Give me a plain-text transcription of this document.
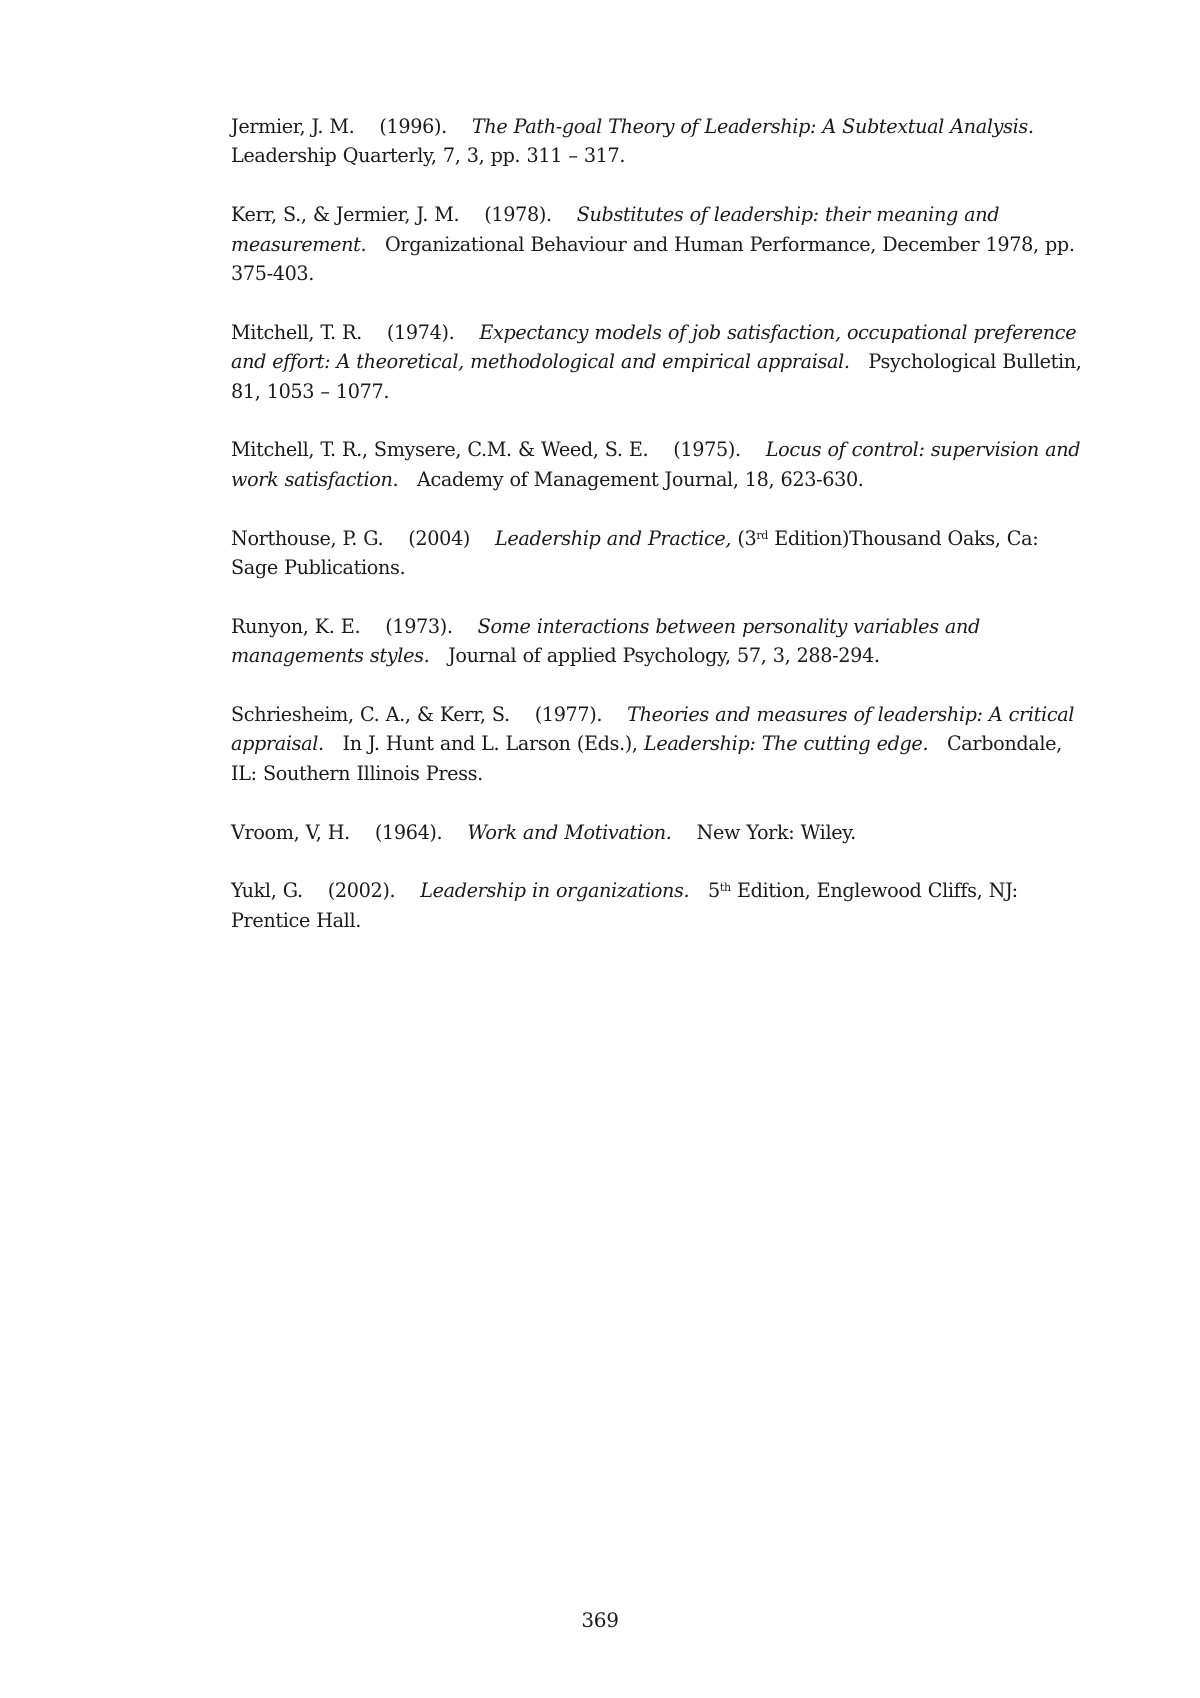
Jermier, J. M. (1996). The Path-goal Theory of Leadership: A Subtextual Analysis. Leadership Quarterly, 7, 3, pp. 311 – 317.

Kerr, S., & Jermier, J. M. (1978). Substitutes of leadership: their meaning and measurement. Organizational Behaviour and Human Performance, December 1978, pp. 375-403.

Mitchell, T. R. (1974). Expectancy models of job satisfaction, occupational preference and effort: A theoretical, methodological and empirical appraisal. Psychological Bulletin, 81, 1053 – 1077.

Mitchell, T. R., Smysere, C.M. & Weed, S. E. (1975). Locus of control: supervision and work satisfaction. Academy of Management Journal, 18, 623-630.

Northouse, P. G. (2004) Leadership and Practice, (3rd Edition)Thousand Oaks, Ca: Sage Publications.

Runyon, K. E. (1973). Some interactions between personality variables and managements styles. Journal of applied Psychology, 57, 3, 288-294.

Schriesheim, C. A., & Kerr, S. (1977). Theories and measures of leadership: A critical appraisal. In J. Hunt and L. Larson (Eds.), Leadership: The cutting edge. Carbondale, IL: Southern Illinois Press.

Vroom, V, H. (1964). Work and Motivation. New York: Wiley.

Yukl, G. (2002). Leadership in organizations. 5th Edition, Englewood Cliffs, NJ: Prentice Hall.

369
